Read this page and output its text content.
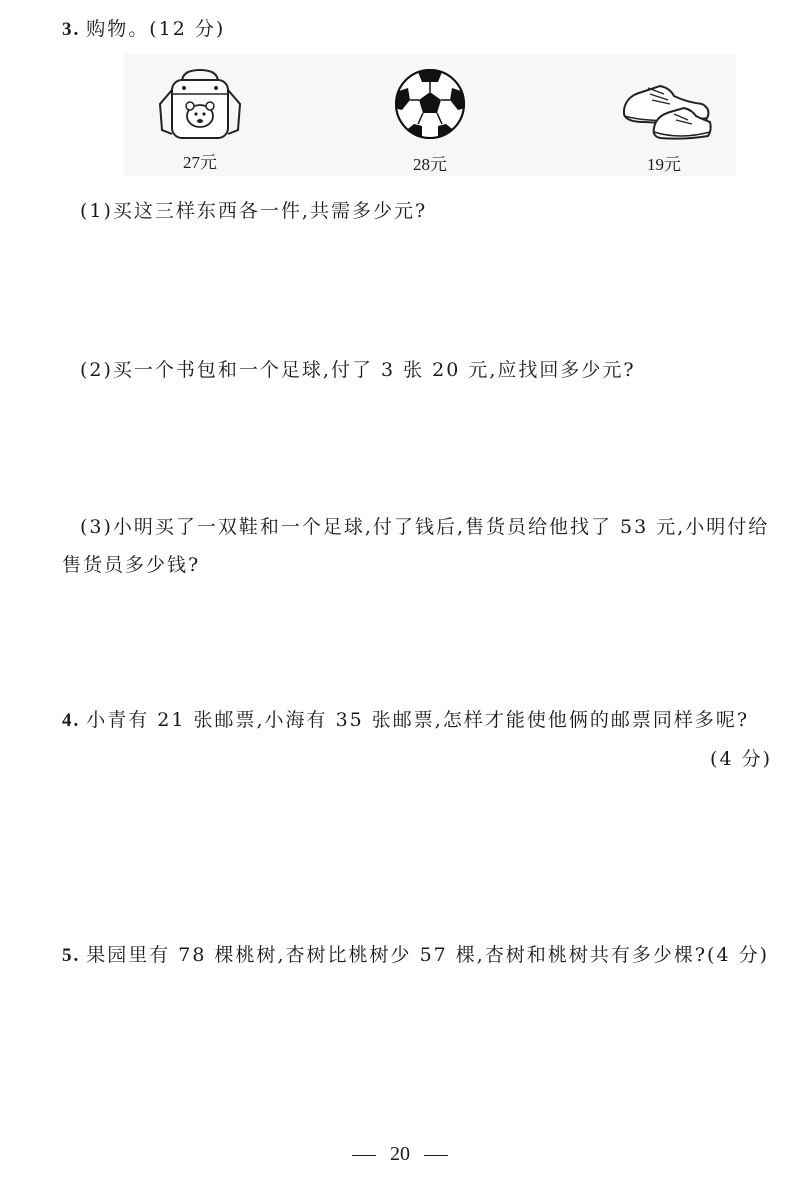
3. 购物。(12 分)
27元	28元	19元
(1)买这三样东西各一件,共需多少元?
(2)买一个书包和一个足球,付了 3 张 20 元,应找回多少元?
(3)小明买了一双鞋和一个足球,付了钱后,售货员给他找了 53 元,小明付给
售货员多少钱?
4. 小青有 21 张邮票,小海有 35 张邮票,怎样才能使他俩的邮票同样多呢?
(4 分)
5. 果园里有 78 棵桃树,杏树比桃树少 57 棵,杏树和桃树共有多少棵?(4 分)
20
